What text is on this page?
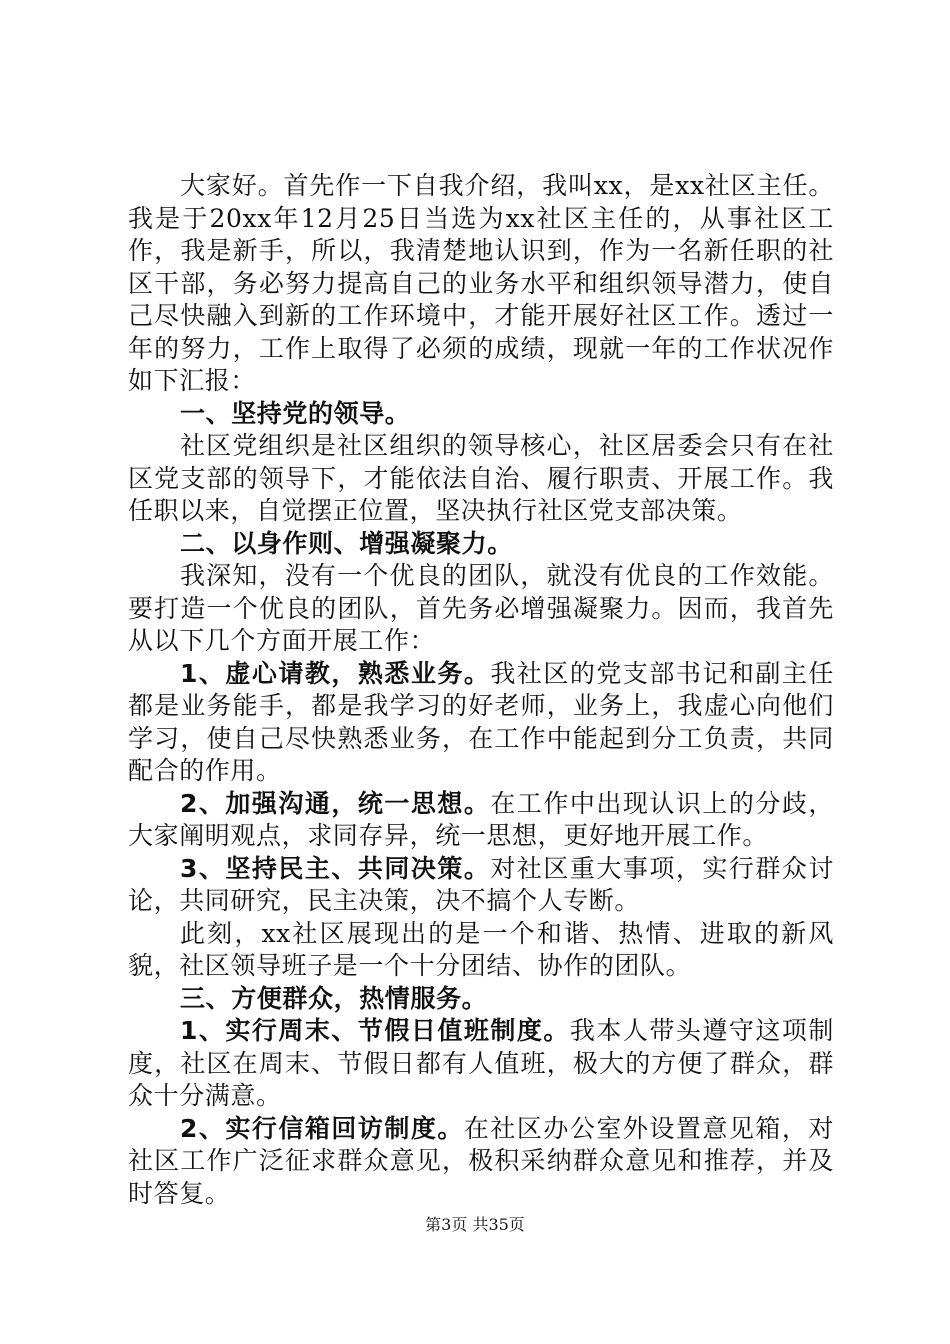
大家好。首先作一下自我介绍，我叫xx，是xx社区主任。我是于20xx年12月25日当选为xx社区主任的，从事社区工作，我是新手，所以，我清楚地认识到，作为一名新任职的社区干部，务必努力提高自己的业务水平和组织领导潜力，使自己尽快融入到新的工作环境中，才能开展好社区工作。透过一年的努力，工作上取得了必须的成绩，现就一年的工作状况作如下汇报：

一、坚持党的领导。

社区党组织是社区组织的领导核心，社区居委会只有在社区党支部的领导下，才能依法自治、履行职责、开展工作。我任职以来，自觉摆正位置，坚决执行社区党支部决策。

二、以身作则、增强凝聚力。

我深知，没有一个优良的团队，就没有优良的工作效能。要打造一个优良的团队，首先务必增强凝聚力。因而，我首先从以下几个方面开展工作：

1、虚心请教，熟悉业务。我社区的党支部书记和副主任都是业务能手，都是我学习的好老师，业务上，我虚心向他们学习，使自己尽快熟悉业务，在工作中能起到分工负责，共同配合的作用。

2、加强沟通，统一思想。在工作中出现认识上的分歧，大家阐明观点，求同存异，统一思想，更好地开展工作。

3、坚持民主、共同决策。对社区重大事项，实行群众讨论，共同研究，民主决策，决不搞个人专断。

此刻，xx社区展现出的是一个和谐、热情、进取的新风貌，社区领导班子是一个十分团结、协作的团队。

三、方便群众，热情服务。

1、实行周末、节假日值班制度。我本人带头遵守这项制度，社区在周末、节假日都有人值班，极大的方便了群众，群众十分满意。

2、实行信箱回访制度。在社区办公室外设置意见箱，对社区工作广泛征求群众意见，极积采纳群众意见和推荐，并及时答复。

第3页 共35页
